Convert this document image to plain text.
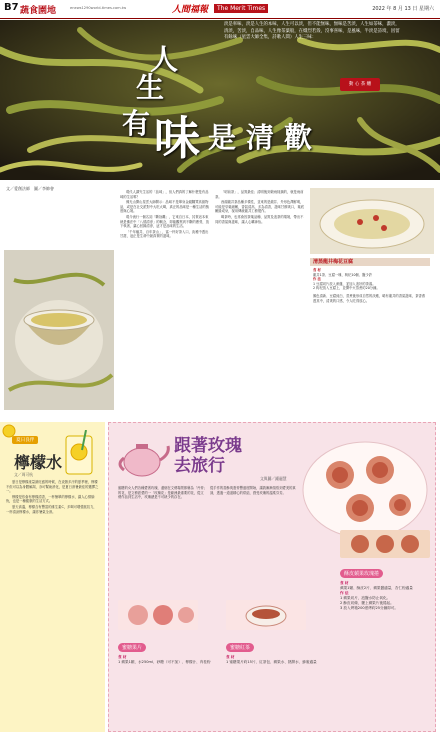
B7 蔬食園地	enews1290world-times.com.tw	人間福報	The Merit Times	2022 年 8 月 13 日 星期六
人
生
有 味 是 清 歡
淡是率味，淡是人生的本味，人生可以淡，但不能無味，無味是苦淡，人生如茶味，濃淡，清淡，苦淡，自品味，人生像茶葉般，在熾烈若殼，沒事喜味，是風味，半淡是詩境，因留有餘味（星雲大師全集，詩歌人間）人生三味：
動 心 茶 纏
文／愛創法師　圖／李帥會

現代人講究生活的「品味」，但人們真的了解什麼是有品味的生活嗎？

佛光山開山星雲大師開示：品味不是單身金錢購買高級物品，或是在社交派對中大吃大喝，真正的品味是一種生活的態度與心境。

現今流行一個名詞「斷捨離」，它來自日本，其實這本來就是佛法中「八德清淨」的概念，即能觀察到不斷的塵勞，放下執著，讓心回歸清淨，這才是品味的生活。

「千年龜井，百年茶山」，當一杯好茶入口，淡雅中透出甘甜，這正是生命中最真實的滋味。

「明前茶」，品質最佳；清明後到穀雨採摘的，就是雨前茶。

西湖龍井茶品種多樣性，並來的是龍井、外形色澤鮮明，可能是芽葉細嫩，香氣清高，多為清香，滋味甘醇爽口，葉底嫩綠成朵，採用傳統龍井工藝製作。

喝茶時，也常會因茶葉品種、品質及泡茶的環境，帶出不同的香氣與滋味，讓人心曠神怡。

清蒸龍井梅花豆腐
食 材
龍井1茶、豆腐一塊、枸杞10個、鹽少許
作 法
1 豆腐切片放入深盤，並加入泡好的茶湯。
2 枸杞放入豆腐上，並開中火蒸煮約20分鐘。
顏色清新、豆腐純白，蒸煮後形成自然的淡雅，略有龍井的香氣滋味，茶香滲透其中，清爽的口感，令人吃得放心。
夏日良伴
檸檬水
文／周可杭

夏日是檸檬產量最旺盛的時候，在炎熱多汗的夏季裡，檸檬不但可以為身體解渴，亦可幫助消化，是夏日消暑最佳的選擇之一。

檸檬是你會有檸檬清香，一杯簡單的檸檬水，讓人心情愉悅，也是一種健康的生活方式。

夏天高溫，檸檬含有豐富的維生素C，多喝可增強抵抗力，一杯清涼檸檬水，讓你暑氣全消。

跟著玫瑰
去旅行
文與圖／鍾麗慧
蜜糖的女人們各種愛著玫瑰，還個在文藝場景都稱為「丹麥」的花，是文藝派愛的一「玫瑰花」是歐洲最重要的花，從文藝作品到生活中，玫瑰總是不可缺少的存在。
從手作的香酥爽蛋麥豐盛度開始，讓我漸漸領悟到愛美的真諦，透過一道道精心的烘焙，感受玫瑰的溫柔芬芳。
酥皮蘋果玫瑰捲
食 材
蘋果1顆、酥皮2片、蘋果醬適量，杏仁粉適量
作 法
1 蘋果切片，泡鹽水防止氧化。
2 酥皮切條，擺上蘋果片後捲起。
3 放入烤箱200度烤約25分鐘即可。
蜜糖果片
食 材
1 蘋果1顆、水250ml、砂糖（可不加）、檸檬汁、肉桂粉
蜜糖紅茶
食 材
1 蜜糖果片約15片、紅茶包、蘋果水、熱開水、蜂蜜適量
